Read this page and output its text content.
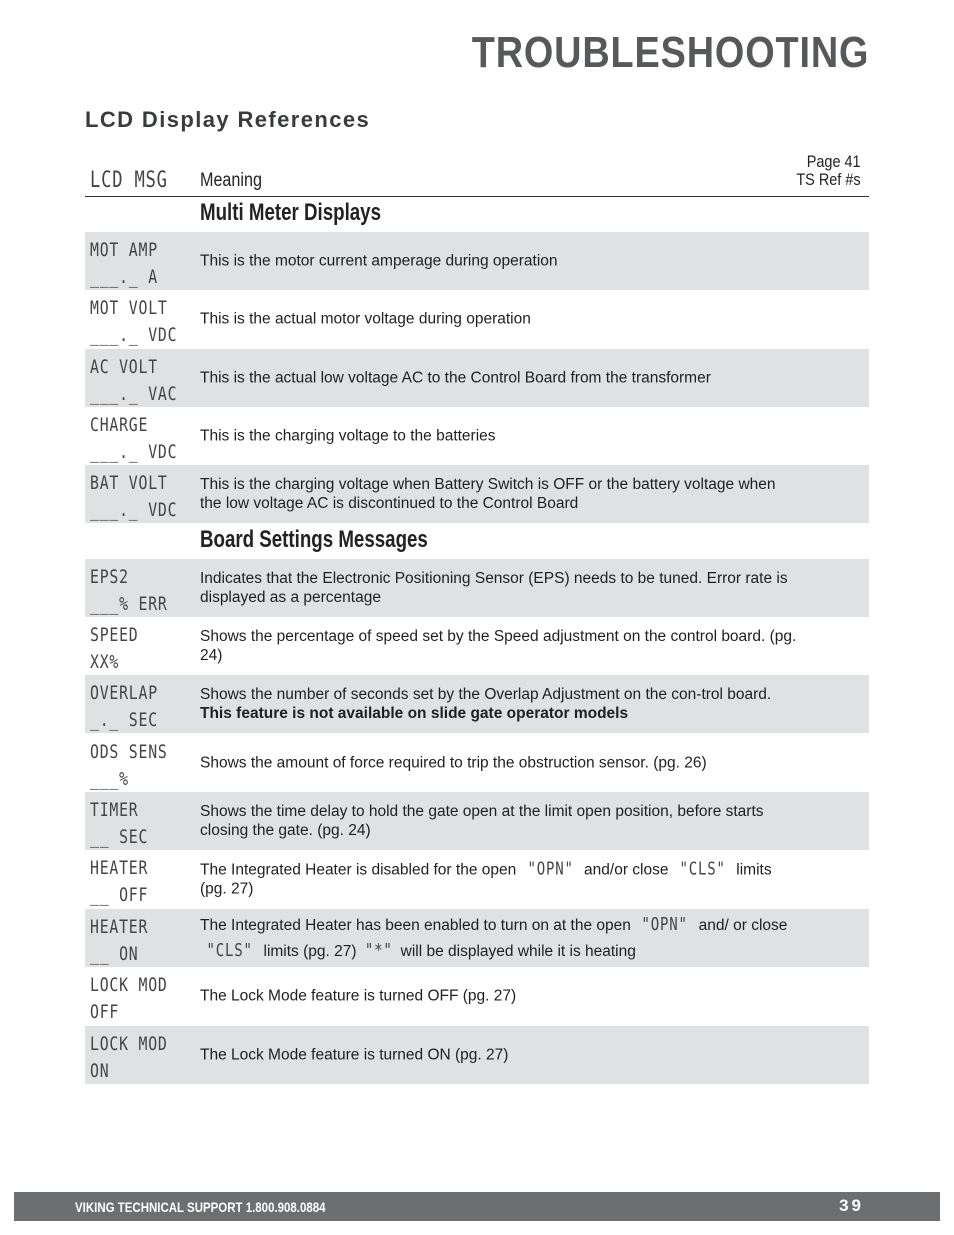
TROUBLESHOOTING
LCD Display References
LCD MSG Meaning
Page 41
TS Ref #s
Multi Meter Displays
MOT AMP
___._ A
This is the motor current amperage during operation
MOT VOLT
___._ VDC
This is the actual motor voltage during operation
AC VOLT
___._ VAC
This is the actual low voltage AC to the Control Board from the transformer
CHARGE
___._ VDC
This is the charging voltage to the batteries
BAT VOLT
___._ VDC
This is the charging voltage when Battery Switch is OFF or the battery voltage when the low voltage AC is discontinued to the Control Board
Board Settings Messages
EPS2
___% ERR
Indicates that the Electronic Positioning Sensor (EPS) needs to be tuned. Error rate is displayed as a percentage
SPEED
XX%
Shows the percentage of speed set by the Speed adjustment on the control board. (pg. 24)
OVERLAP
_._ SEC
Shows the number of seconds set by the Overlap Adjustment on the con-trol board. This feature is not available on slide gate operator models
ODS SENS
___%
Shows the amount of force required to trip the obstruction sensor. (pg. 26)
TIMER
__ SEC
Shows the time delay to hold the gate open at the limit open position, before starts closing the gate. (pg. 24)
HEATER
__ OFF
The Integrated Heater is disabled for the open "OPN" and/or close "CLS" limits (pg. 27)
HEATER
__ ON
The Integrated Heater has been enabled to turn on at the open "OPN" and/ or close "CLS" limits (pg. 27) "*" will be displayed while it is heating
LOCK MOD
OFF
The Lock Mode feature is turned OFF (pg. 27)
LOCK MOD
ON
The Lock Mode feature is turned ON (pg. 27)
VIKING TECHNICAL SUPPORT 1.800.908.0884	39
